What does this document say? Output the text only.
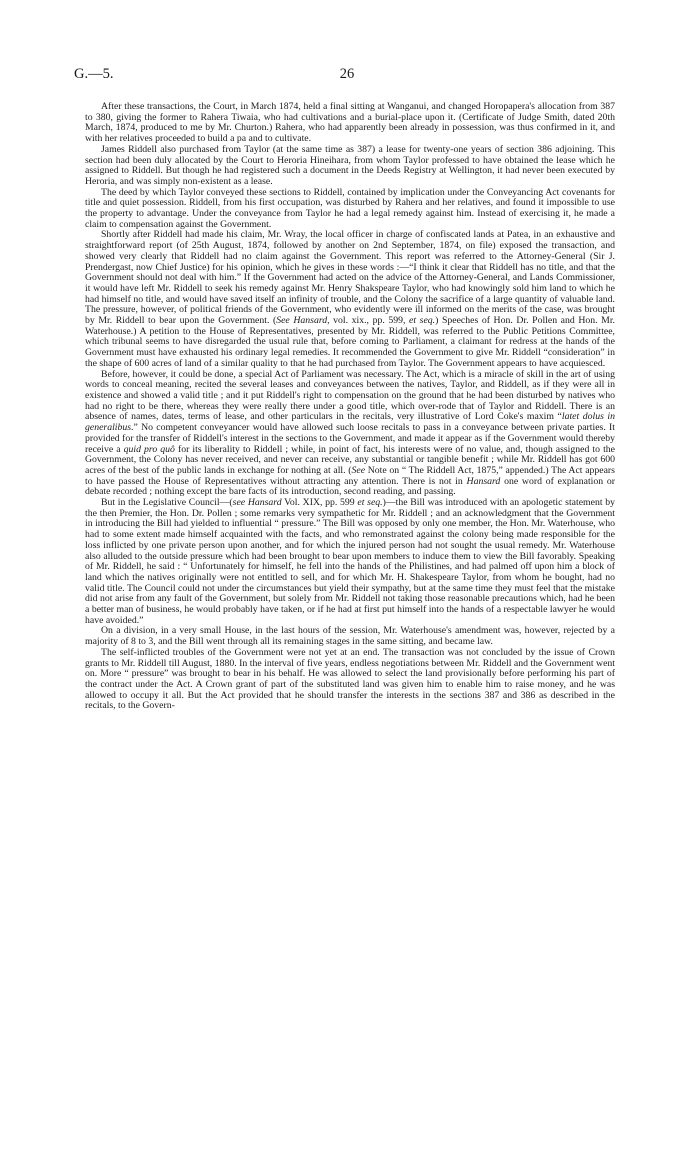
G.—5.	26

After these transactions, the Court, in March 1874, held a final sitting at Wanganui, and changed Horopapera's allocation from 387 to 380, giving the former to Rahera Tiwaia, who had cultivations and a burial-place upon it. (Certificate of Judge Smith, dated 20th March, 1874, produced to me by Mr. Churton.) Rahera, who had apparently been already in possession, was thus confirmed in it, and with her relatives proceeded to build a pa and to cultivate.

James Riddell also purchased from Taylor (at the same time as 387) a lease for twenty-one years of section 386 adjoining. This section had been duly allocated by the Court to Heroria Hineihara, from whom Taylor professed to have obtained the lease which he assigned to Riddell. But though he had registered such a document in the Deeds Registry at Wellington, it had never been executed by Heroria, and was simply non-existent as a lease.

The deed by which Taylor conveyed these sections to Riddell, contained by implication under the Conveyancing Act covenants for title and quiet possession. Riddell, from his first occupation, was disturbed by Rahera and her relatives, and found it impossible to use the property to advantage. Under the conveyance from Taylor he had a legal remedy against him. Instead of exercising it, he made a claim to compensation against the Government.

Shortly after Riddell had made his claim, Mr. Wray, the local officer in charge of confiscated lands at Patea, in an exhaustive and straightforward report (of 25th August, 1874, followed by another on 2nd September, 1874, on file) exposed the transaction, and showed very clearly that Riddell had no claim against the Government. This report was referred to the Attorney-General (Sir J. Prendergast, now Chief Justice) for his opinion, which he gives in these words :—“I think it clear that Riddell has no title, and that the Government should not deal with him.” If the Government had acted on the advice of the Attorney-General, and Lands Commissioner, it would have left Mr. Riddell to seek his remedy against Mr. Henry Shakspeare Taylor, who had knowingly sold him land to which he had himself no title, and would have saved itself an infinity of trouble, and the Colony the sacrifice of a large quantity of valuable land. The pressure, however, of political friends of the Government, who evidently were ill informed on the merits of the case, was brought by Mr. Riddell to bear upon the Government. (See Hansard, vol. xix., pp. 599, et seq.) Speeches of Hon. Dr. Pollen and Hon. Mr. Waterhouse.) A petition to the House of Representatives, presented by Mr. Riddell, was referred to the Public Petitions Committee, which tribunal seems to have disregarded the usual rule that, before coming to Parliament, a claimant for redress at the hands of the Government must have exhausted his ordinary legal remedies. It recommended the Government to give Mr. Riddell “consideration” in the shape of 600 acres of land of a similar quality to that he had purchased from Taylor. The Government appears to have acquiesced.

Before, however, it could be done, a special Act of Parliament was necessary. The Act, which is a miracle of skill in the art of using words to conceal meaning, recited the several leases and conveyances between the natives, Taylor, and Riddell, as if they were all in existence and showed a valid title ; and it put Riddell's right to compensation on the ground that he had been disturbed by natives who had no right to be there, whereas they were really there under a good title, which over-rode that of Taylor and Riddell. There is an absence of names, dates, terms of lease, and other particulars in the recitals, very illustrative of Lord Coke's maxim “latet dolus in generalibus.” No competent conveyancer would have allowed such loose recitals to pass in a conveyance between private parties. It provided for the transfer of Riddell's interest in the sections to the Government, and made it appear as if the Government would thereby receive a quid pro quô for its liberality to Riddell ; while, in point of fact, his interests were of no value, and, though assigned to the Government, the Colony has never received, and never can receive, any substantial or tangible benefit ; while Mr. Riddell has got 600 acres of the best of the public lands in exchange for nothing at all. (See Note on “ The Riddell Act, 1875,” appended.) The Act appears to have passed the House of Representatives without attracting any attention. There is not in Hansard one word of explanation or debate recorded ; nothing except the bare facts of its introduction, second reading, and passing.

But in the Legislative Council—(see Hansard Vol. XIX, pp. 599 et seq.)—the Bill was introduced with an apologetic statement by the then Premier, the Hon. Dr. Pollen ; some remarks very sympathetic for Mr. Riddell ; and an acknowledgment that the Government in introducing the Bill had yielded to influential “ pressure.” The Bill was opposed by only one member, the Hon. Mr. Waterhouse, who had to some extent made himself acquainted with the facts, and who remonstrated against the colony being made responsible for the loss inflicted by one private person upon another, and for which the injured person had not sought the usual remedy. Mr. Waterhouse also alluded to the outside pressure which had been brought to bear upon members to induce them to view the Bill favorably. Speaking of Mr. Riddell, he said : “ Unfortunately for himself, he fell into the hands of the Philistines, and had palmed off upon him a block of land which the natives originally were not entitled to sell, and for which Mr. H. Shakespeare Taylor, from whom he bought, had no valid title. The Council could not under the circumstances but yield their sympathy, but at the same time they must feel that the mistake did not arise from any fault of the Government, but solely from Mr. Riddell not taking those reasonable precautions which, had he been a better man of business, he would probably have taken, or if he had at first put himself into the hands of a respectable lawyer he would have avoided.”

On a division, in a very small House, in the last hours of the session, Mr. Waterhouse's amendment was, however, rejected by a majority of 8 to 3, and the Bill went through all its remaining stages in the same sitting, and became law.

The self-inflicted troubles of the Government were not yet at an end. The transaction was not concluded by the issue of Crown grants to Mr. Riddell till August, 1880. In the interval of five years, endless negotiations between Mr. Riddell and the Government went on. More “ pressure” was brought to bear in his behalf. He was allowed to select the land provisionally before performing his part of the contract under the Act. A Crown grant of part of the substituted land was given him to enable him to raise money, and he was allowed to occupy it all. But the Act provided that he should transfer the interests in the sections 387 and 386 as described in the recitals, to the Govern-
